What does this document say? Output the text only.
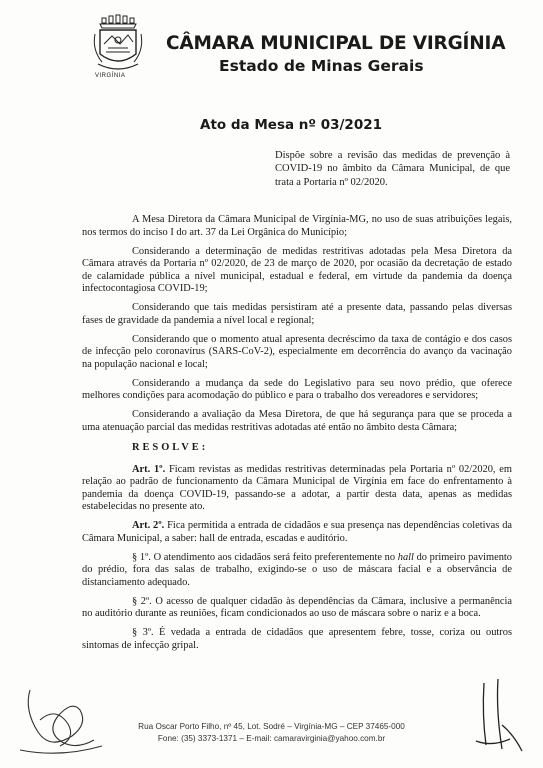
VIRGÍNIA
CÂMARA MUNICIPAL DE VIRGÍNIA
Estado de Minas Gerais
Ato da Mesa nº 03/2021
Dispõe sobre a revisão das medidas de prevenção à COVID-19 no âmbito da Câmara Municipal, de que trata a Portaria nº 02/2020.

A Mesa Diretora da Câmara Municipal de Virgínia-MG, no uso de suas atribuições legais, nos termos do inciso I do art. 37 da Lei Orgânica do Município;

Considerando a determinação de medidas restritivas adotadas pela Mesa Diretora da Câmara através da Portaria nº 02/2020, de 23 de março de 2020, por ocasião da decretação de estado de calamidade pública a nível municipal, estadual e federal, em virtude da pandemia da doença infectocontagiosa COVID-19;

Considerando que tais medidas persistiram até a presente data, passando pelas diversas fases de gravidade da pandemia a nível local e regional;

Considerando que o momento atual apresenta decréscimo da taxa de contágio e dos casos de infecção pelo coronavírus (SARS-CoV-2), especialmente em decorrência do avanço da vacinação na população nacional e local;

Considerando a mudança da sede do Legislativo para seu novo prédio, que oferece melhores condições para acomodação do público e para o trabalho dos vereadores e servidores;

Considerando a avaliação da Mesa Diretora, de que há segurança para que se proceda a uma atenuação parcial das medidas restritivas adotadas até então no âmbito desta Câmara;

RESOLVE:

Art. 1º. Ficam revistas as medidas restritivas determinadas pela Portaria nº 02/2020, em relação ao padrão de funcionamento da Câmara Municipal de Virgínia em face do enfrentamento à pandemia da doença COVID-19, passando-se a adotar, a partir desta data, apenas as medidas estabelecidas no presente ato.

Art. 2º. Fica permitida a entrada de cidadãos e sua presença nas dependências coletivas da Câmara Municipal, a saber: hall de entrada, escadas e auditório.

§ 1º. O atendimento aos cidadãos será feito preferentemente no hall do primeiro pavimento do prédio, fora das salas de trabalho, exigindo-se o uso de máscara facial e a observância de distanciamento adequado.

§ 2º. O acesso de qualquer cidadão às dependências da Câmara, inclusive a permanência no auditório durante as reuniões, ficam condicionados ao uso de máscara sobre o nariz e a boca.

§ 3º. É vedada a entrada de cidadãos que apresentem febre, tosse, coriza ou outros sintomas de infecção gripal.

Rua Oscar Porto Filho, nº 45, Lot. Sodré – Virgínia-MG – CEP 37465-000
Fone: (35) 3373-1371 – E-mail: camaravirginia@yahoo.com.br
